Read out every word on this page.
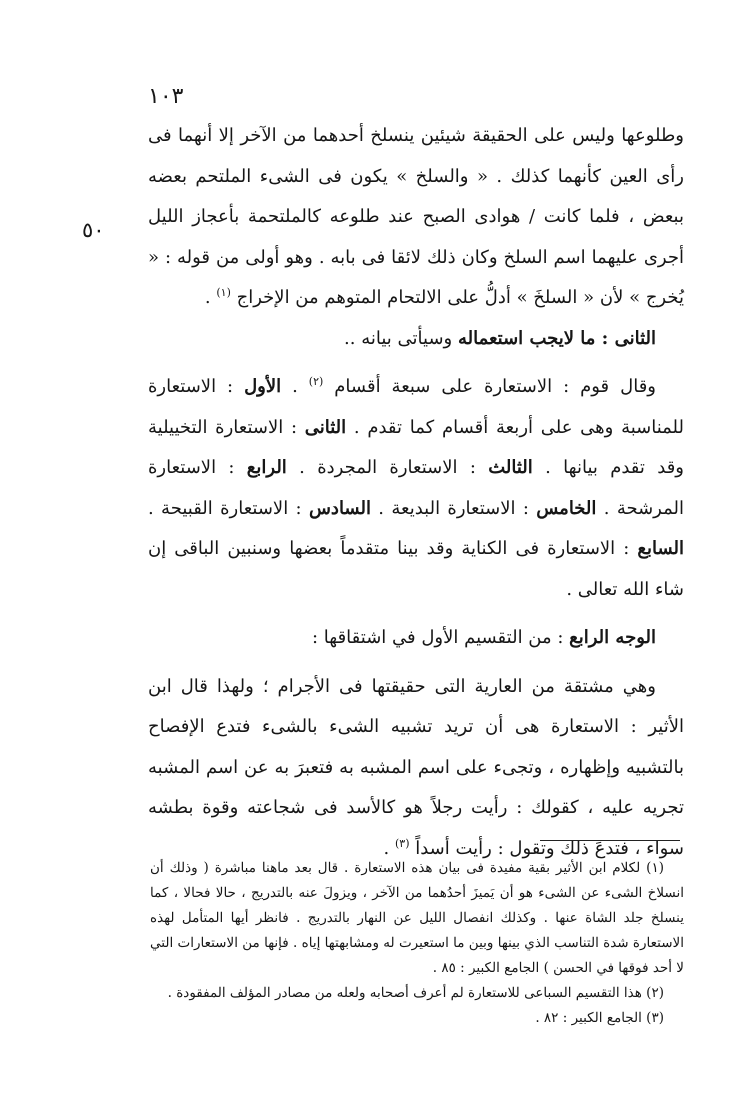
١٠٣
٥٠

وطلوعها وليس على الحقيقة شيئين ينسلخ أحدهما من الآخر إلا أنهما فى رأى العين كأنهما كذلك . « والسلخ » يكون فى الشىء الملتحم بعضه ببعض ، فلما كانت / هوادى الصبح عند طلوعه كالملتحمة بأعجاز الليل أجرى عليهما اسم السلخ وكان ذلك لائقا فى بابه . وهو أولى من قوله : « يُخرج » لأن « السلخَ » أدلُّ على الالتحام المتوهم من الإخراج $^{(١)}$ .

الثانى : ما لايجب استعماله وسيأتى بيانه ..

وقال قوم : الاستعارة على سبعة أقسام $^{(٢)}$ . الأول : الاستعارة للمناسبة وهى على أربعة أقسام كما تقدم . الثانى : الاستعارة التخييلية وقد تقدم بيانها . الثالث : الاستعارة المجردة . الرابع : الاستعارة المرشحة . الخامس : الاستعارة البديعة . السادس : الاستعارة القبيحة . السابع : الاستعارة فى الكناية وقد بينا متقدماً بعضها وسنبين الباقى إن شاء الله تعالى .

الوجه الرابع : من التقسيم الأول في اشتقاقها :

وهي مشتقة من العارية التى حقيقتها فى الأجرام ؛ ولهذا قال ابن الأثير : الاستعارة هى أن تريد تشبيه الشىء بالشىء فتدع الإفصاح بالتشبيه وإظهاره ، وتجىء على اسم المشبه به فتعبرَ به عن اسم المشبه تجريه عليه ، كقولك : رأيت رجلاً هو كالأسد فى شجاعته وقوة بطشه سواء ، فتدعَ ذلك وتقول : رأيت أسداً $^{(٣)}$ .

(١) لكلام ابن الأثير بقية مفيدة فى بيان هذه الاستعارة . قال بعد ماهنا مباشرة ( وذلك أن انسلاخ الشىء عن الشىء هو أن يَميزَ أحدُهما من الآخر ، ويزولَ عنه بالتدريج ، حالا فحالا ، كما ينسلخ جلد الشاة عنها . وكذلك انفصال الليل عن النهار بالتدريج . فانظر أيها المتأمل لهذه الاستعارة شدة التناسب الذي بينها وبين ما استعيرت له ومشابهتها إياه . فإنها من الاستعارات التي لا أحد فوقها في الحسن ) الجامع الكبير : ٨٥ .

(٢) هذا التقسيم السباعى للاستعارة لم أعرف أصحابه ولعله من مصادر المؤلف المفقودة .

(٣) الجامع الكبير : ٨٢ .
